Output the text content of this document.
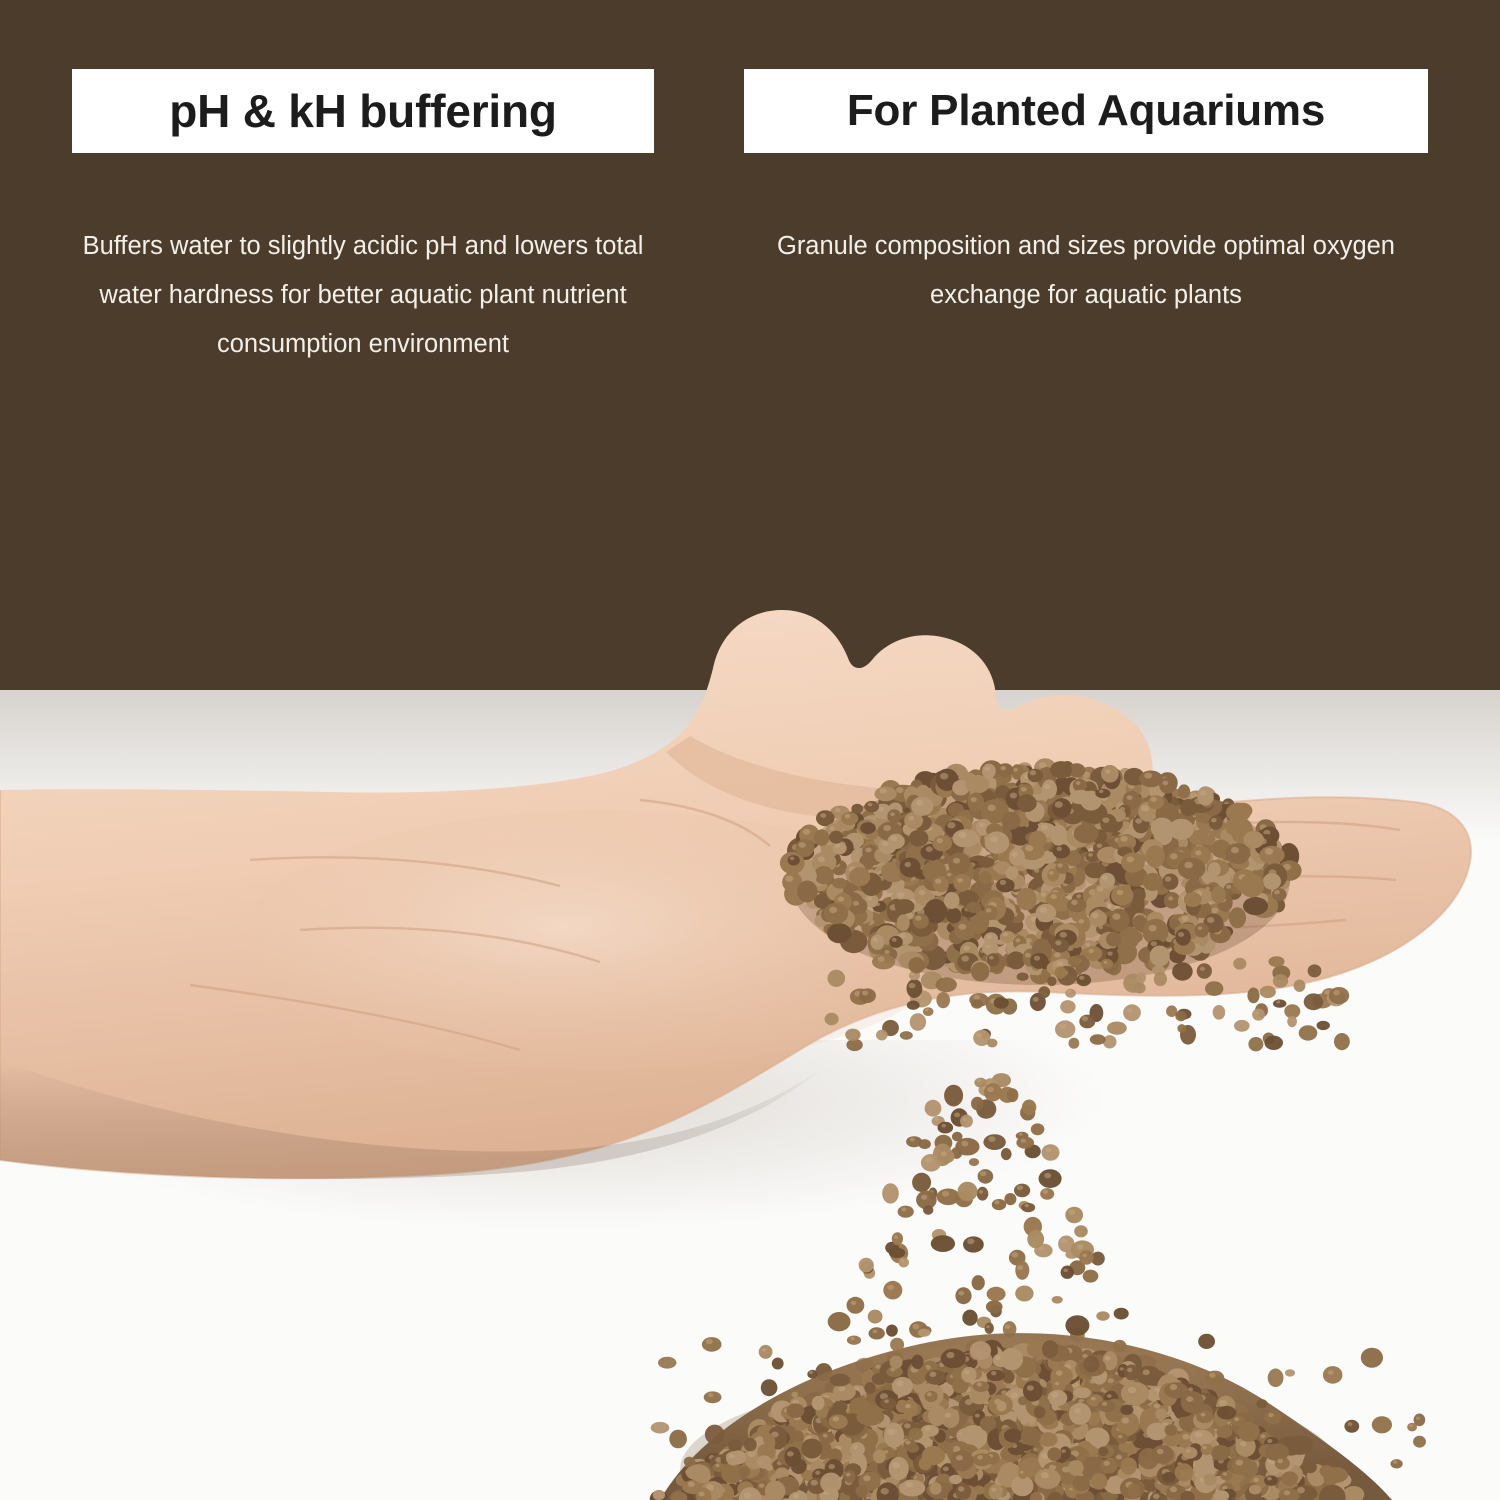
pH & kH buffering	For Planted Aquariums
Buffers water to slightly acidic pH and lowers total water hardness for better aquatic plant nutrient consumption environment
Granule composition and sizes provide optimal oxygen exchange for aquatic plants
